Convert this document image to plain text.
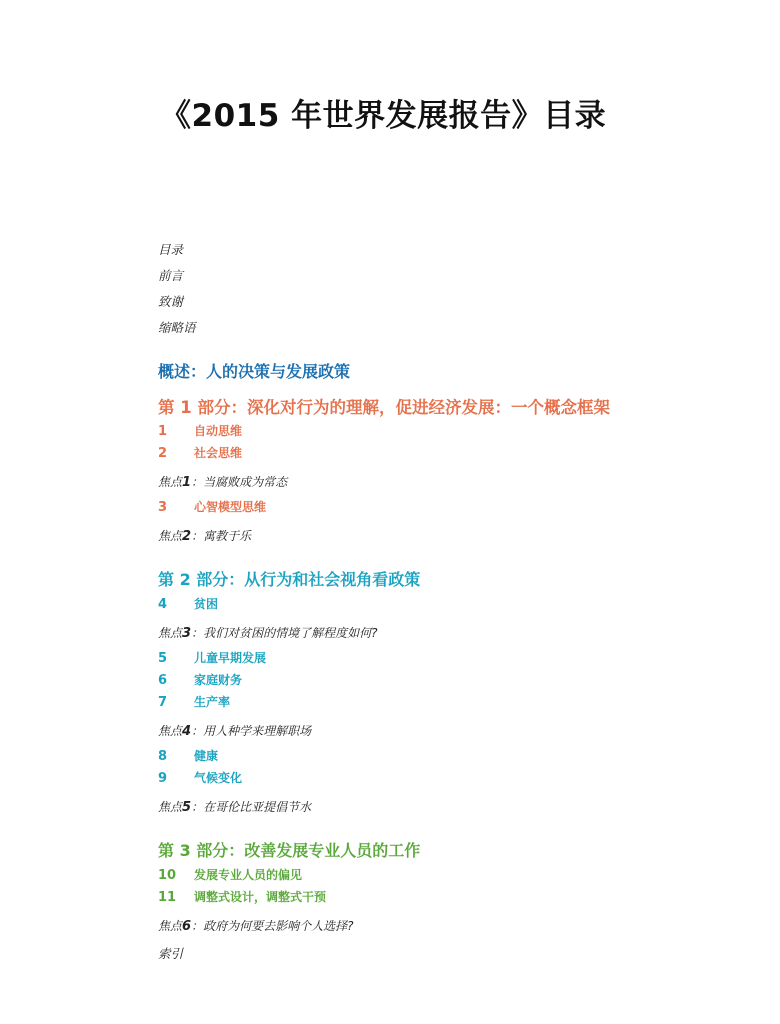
《2015 年世界发展报告》目录
目录
前言
致谢
缩略语
概述：人的决策与发展政策
第 1 部分：深化对行为的理解，促进经济发展：一个概念框架
1 自动思维
2 社会思维
焦点1：当腐败成为常态
3 心智模型思维
焦点2：寓教于乐
第 2 部分：从行为和社会视角看政策
4 贫困
焦点3：我们对贫困的情境了解程度如何?
5 儿童早期发展
6 家庭财务
7 生产率
焦点4：用人种学来理解职场
8 健康
9 气候变化
焦点5：在哥伦比亚提倡节水
第 3 部分：改善发展专业人员的工作
10 发展专业人员的偏见
11 调整式设计，调整式干预
焦点6：政府为何要去影响个人选择?
索引
